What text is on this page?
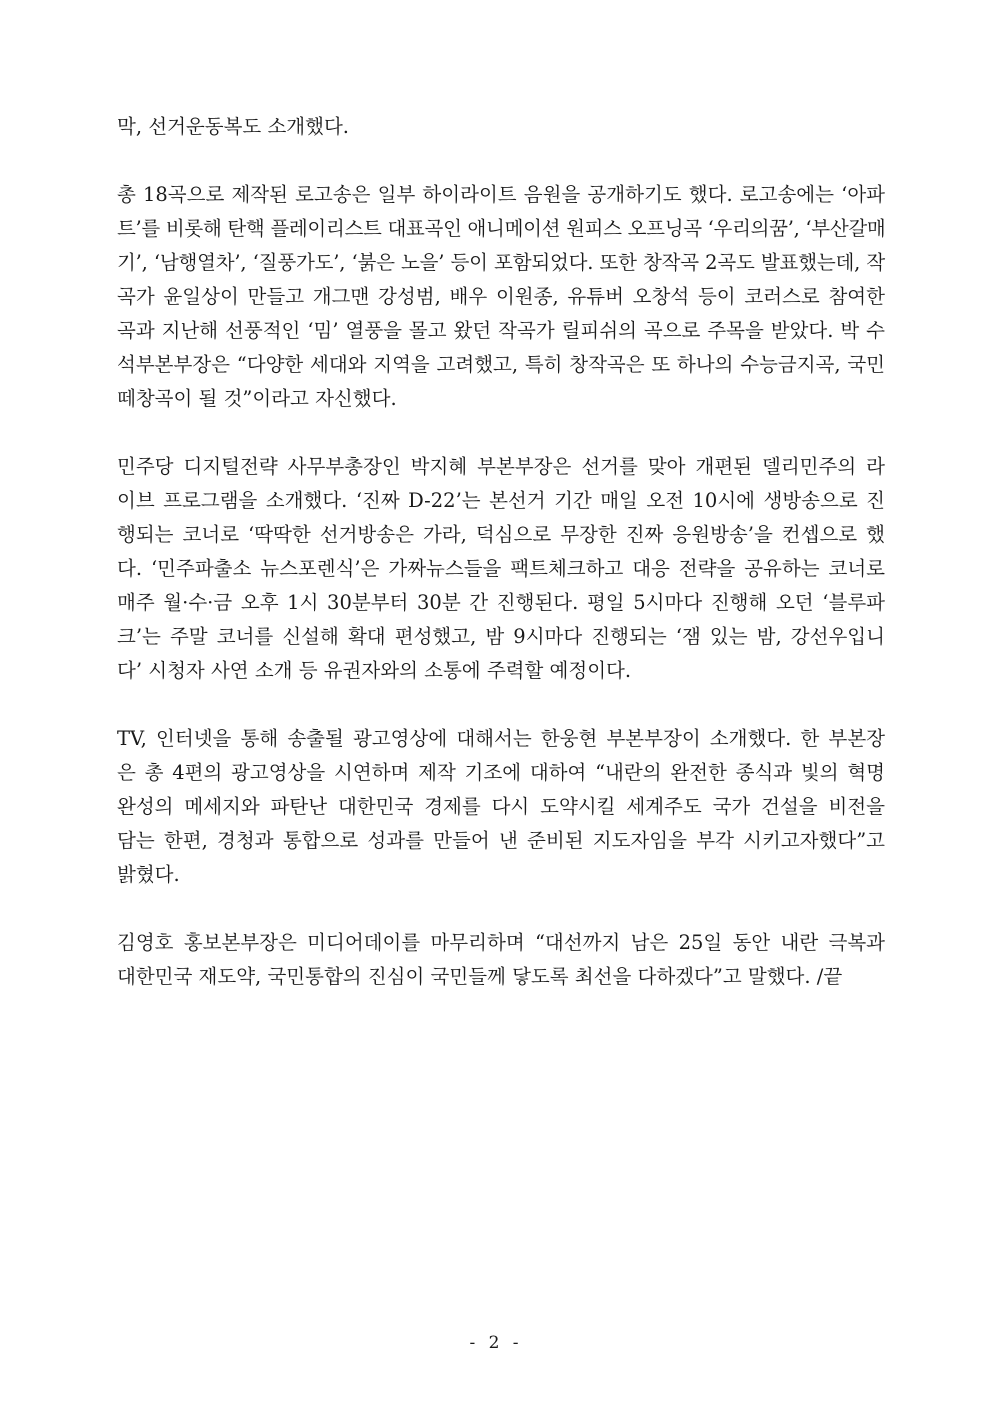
막, 선거운동복도 소개했다.

총 18곡으로 제작된 로고송은 일부 하이라이트 음원을 공개하기도 했다. 로고송에는 ‘아파
트’를 비롯해 탄핵 플레이리스트 대표곡인 애니메이션 원피스 오프닝곡 ‘우리의꿈’, ‘부산갈매
기’, ‘남행열차’, ‘질풍가도’, ‘붉은 노을’ 등이 포함되었다. 또한 창작곡 2곡도 발표했는데, 작
곡가 윤일상이 만들고 개그맨 강성범, 배우 이원종, 유튜버 오창석 등이 코러스로 참여한
곡과 지난해 선풍적인 ‘밈’ 열풍을 몰고 왔던 작곡가 릴피쉬의 곡으로 주목을 받았다. 박 수
석부본부장은 “다양한 세대와 지역을 고려했고, 특히 창작곡은 또 하나의 수능금지곡, 국민
떼창곡이 될 것”이라고 자신했다.

민주당 디지털전략 사무부총장인 박지혜 부본부장은 선거를 맞아 개편된 델리민주의 라
이브 프로그램을 소개했다. ‘진짜 D-22’는 본선거 기간 매일 오전 10시에 생방송으로 진
행되는 코너로 ‘딱딱한 선거방송은 가라, 덕심으로 무장한 진짜 응원방송’을 컨셉으로 했
다. ‘민주파출소 뉴스포렌식’은 가짜뉴스들을 팩트체크하고 대응 전략을 공유하는 코너로
매주 월·수·금 오후 1시 30분부터 30분 간 진행된다. 평일 5시마다 진행해 오던 ‘블루파
크’는 주말 코너를 신설해 확대 편성했고, 밤 9시마다 진행되는 ‘잼 있는 밤, 강선우입니
다’ 시청자 사연 소개 등 유권자와의 소통에 주력할 예정이다.

TV, 인터넷을 통해 송출될 광고영상에 대해서는 한웅현 부본부장이 소개했다. 한 부본장
은 총 4편의 광고영상을 시연하며 제작 기조에 대하여 “내란의 완전한 종식과 빛의 혁명
완성의 메세지와 파탄난 대한민국 경제를 다시 도약시킬 세계주도 국가 건설을 비전을
담는 한편, 경청과 통합으로 성과를 만들어 낸 준비된 지도자임을 부각 시키고자했다”고
밝혔다.

김영호 홍보본부장은 미디어데이를 마무리하며 “대선까지 남은 25일 동안 내란 극복과
대한민국 재도약, 국민통합의 진심이 국민들께 닿도록 최선을 다하겠다”고 말했다. /끝

- 2 -
